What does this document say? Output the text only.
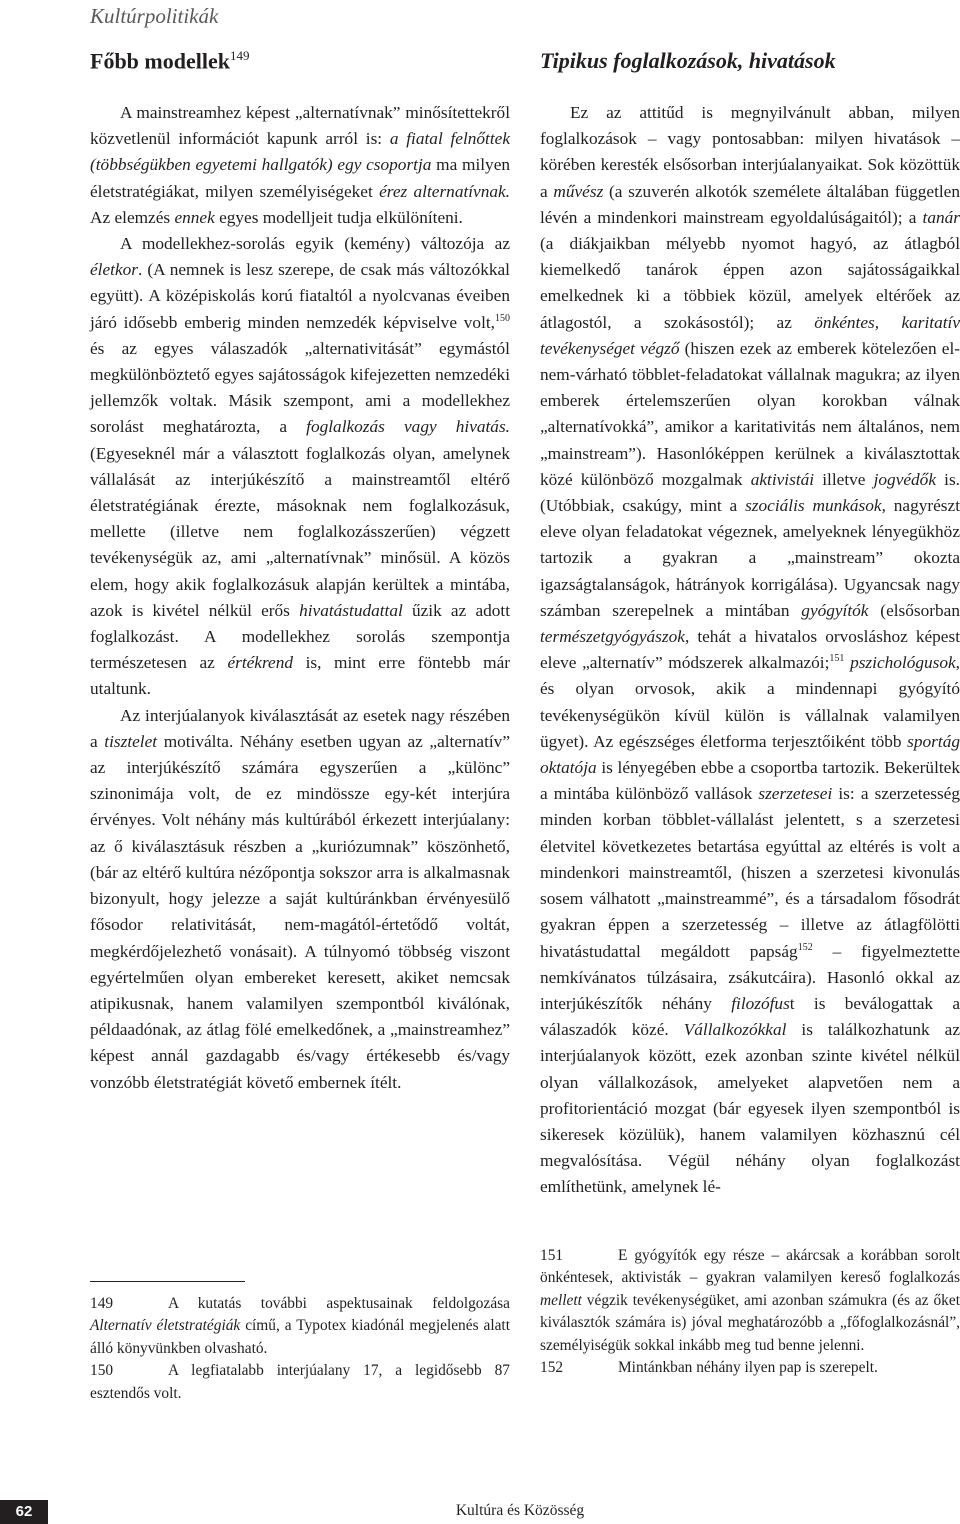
Kultúrpolitikák
Főbb modellek$^{149}$	Tipikus foglalkozások, hivatások

A mainstreamhez képest „alternatívnak” minősítettekről közvetlenül információt kapunk arról is: a fiatal felnőttek (többségükben egyetemi hallgatók) egy csoportja ma milyen életstratégiákat, milyen személyiségeket érez alternatívnak. Az elemzés ennek egyes modelljeit tudja elkülöníteni.

A modellekhez-sorolás egyik (kemény) változója az életkor. (A nemnek is lesz szerepe, de csak más változókkal együtt). A középiskolás korú fiataltól a nyolcvanas éveiben járó idősebb emberig minden nemzedék képviselve volt,$^{150}$ és az egyes válaszadók „alternativitását” egymástól megkülönböztető egyes sajátosságok kifejezetten nemzedéki jellemzők voltak. Másik szempont, ami a modellekhez sorolást meghatározta, a foglalkozás vagy hivatás. (Egyeseknél már a választott foglalkozás olyan, amelynek vállalását az interjúkészítő a mainstreamtől eltérő életstratégiának érezte, másoknak nem foglalkozásuk, mellette (illetve nem foglalkozásszerűen) végzett tevékenységük az, ami „alternatívnak” minősül. A közös elem, hogy akik foglalkozásuk alapján kerültek a mintába, azok is kivétel nélkül erős hivatástudattal űzik az adott foglalkozást. A modellekhez sorolás szempontja természetesen az értékrend is, mint erre föntebb már utaltunk.

Az interjúalanyok kiválasztását az esetek nagy részében a tisztelet motiválta. Néhány esetben ugyan az „alternatív” az interjúkészítő számára egyszerűen a „különc” szinonimája volt, de ez mindössze egy-két interjúra érvényes. Volt néhány más kultúrából érkezett interjúalany: az ő kiválasztásuk részben a „kuriózumnak” köszönhető, (bár az eltérő kultúra nézőpontja sokszor arra is alkalmasnak bizonyult, hogy jelezze a saját kultúránkban érvényesülő fősodor relativitását, nem-magától-értetődő voltát, megkérdőjelezhető vonásait). A túlnyomó többség viszont egyértelműen olyan embereket keresett, akiket nemcsak atipikusnak, hanem valamilyen szempontból kiválónak, példaadónak, az átlag fölé emelkedőnek, a „mainstreamhez” képest annál gazdagabb és/vagy értékesebb és/vagy vonzóbb életstratégiát követő embernek ítélt.

Ez az attitűd is megnyilvánult abban, milyen foglalkozások – vagy pontosabban: milyen hivatások – körében keresték elsősorban interjúalanyaikat. Sok közöttük a művész (a szuverén alkotók személete általában független lévén a mindenkori mainstream egyoldalúságaitól); a tanár (a diákjaikban mélyebb nyomot hagyó, az átlagból kiemelkedő tanárok éppen azon sajátosságaikkal emelkednek ki a többiek közül, amelyek eltérőek az átlagostól, a szokásostól); az önkéntes, karitatív tevékenységet végző (hiszen ezek az emberek kötelezően el-nem-várható többlet-feladatokat vállalnak magukra; az ilyen emberek értelemszerűen olyan korokban válnak „alternatívokká”, amikor a karitativitás nem általános, nem „mainstream”). Hasonlóképpen kerülnek a kiválasztottak közé különböző mozgalmak aktivistái illetve jogvédők is. (Utóbbiak, csakúgy, mint a szociális munkások, nagyrészt eleve olyan feladatokat végeznek, amelyeknek lényegükhöz tartozik a gyakran a „mainstream” okozta igazságtalanságok, hátrányok korrigálása). Ugyancsak nagy számban szerepelnek a mintában gyógyítók (elsősorban természetgyógyászok, tehát a hivatalos orvosláshoz képest eleve „alternatív” módszerek alkalmazói;$^{151}$ pszichológusok, és olyan orvosok, akik a mindennapi gyógyító tevékenységükön kívül külön is vállalnak valamilyen ügyet). Az egészséges életforma terjesztőiként több sportág oktatója is lényegében ebbe a csoportba tartozik. Bekerültek a mintába különböző vallások szerzetesei is: a szerzetesség minden korban többlet-vállalást jelentett, s a szerzetesi életvitel következetes betartása egyúttal az eltérés is volt a mindenkori mainstreamtől, (hiszen a szerzetesi kivonulás sosem válhatott „mainstreammé”, és a társadalom fősodrát gyakran éppen a szerzetesség – illetve az átlagfölötti hivatástudattal megáldott papság$^{152}$ – figyelmeztette nemkívánatos túlzásaira, zsákutcáira). Hasonló okkal az interjúkészítők néhány filozófust is beválogattak a válaszadók közé. Vállalkozókkal is találkozhatunk az interjúalanyok között, ezek azonban szinte kivétel nélkül olyan vállalkozások, amelyeket alapvetően nem a profitorientáció mozgat (bár egyesek ilyen szempontból is sikeresek közülük), hanem valamilyen közhasznú cél megvalósítása. Végül néhány olyan foglalkozást említhetünk, amelynek lé-

149	A kutatás további aspektusainak feldolgozása Alternatív életstratégiák című, a Typotex kiadónál megjelenés alatt álló könyvünkben olvasható.

150	A legfiatalabb interjúalany 17, a legidősebb 87 esztendős volt.

151	E gyógyítók egy része – akárcsak a korábban sorolt önkéntesek, aktivisták – gyakran valamilyen kereső foglalkozás mellett végzik tevékenységüket, ami azonban számukra (és az őket kiválasztók számára is) jóval meghatározóbb a „főfoglalkozásnál”, személyiségük sokkal inkább meg tud benne jelenni.

152	Mintánkban néhány ilyen pap is szerepelt.

62	Kultúra és Közösség
